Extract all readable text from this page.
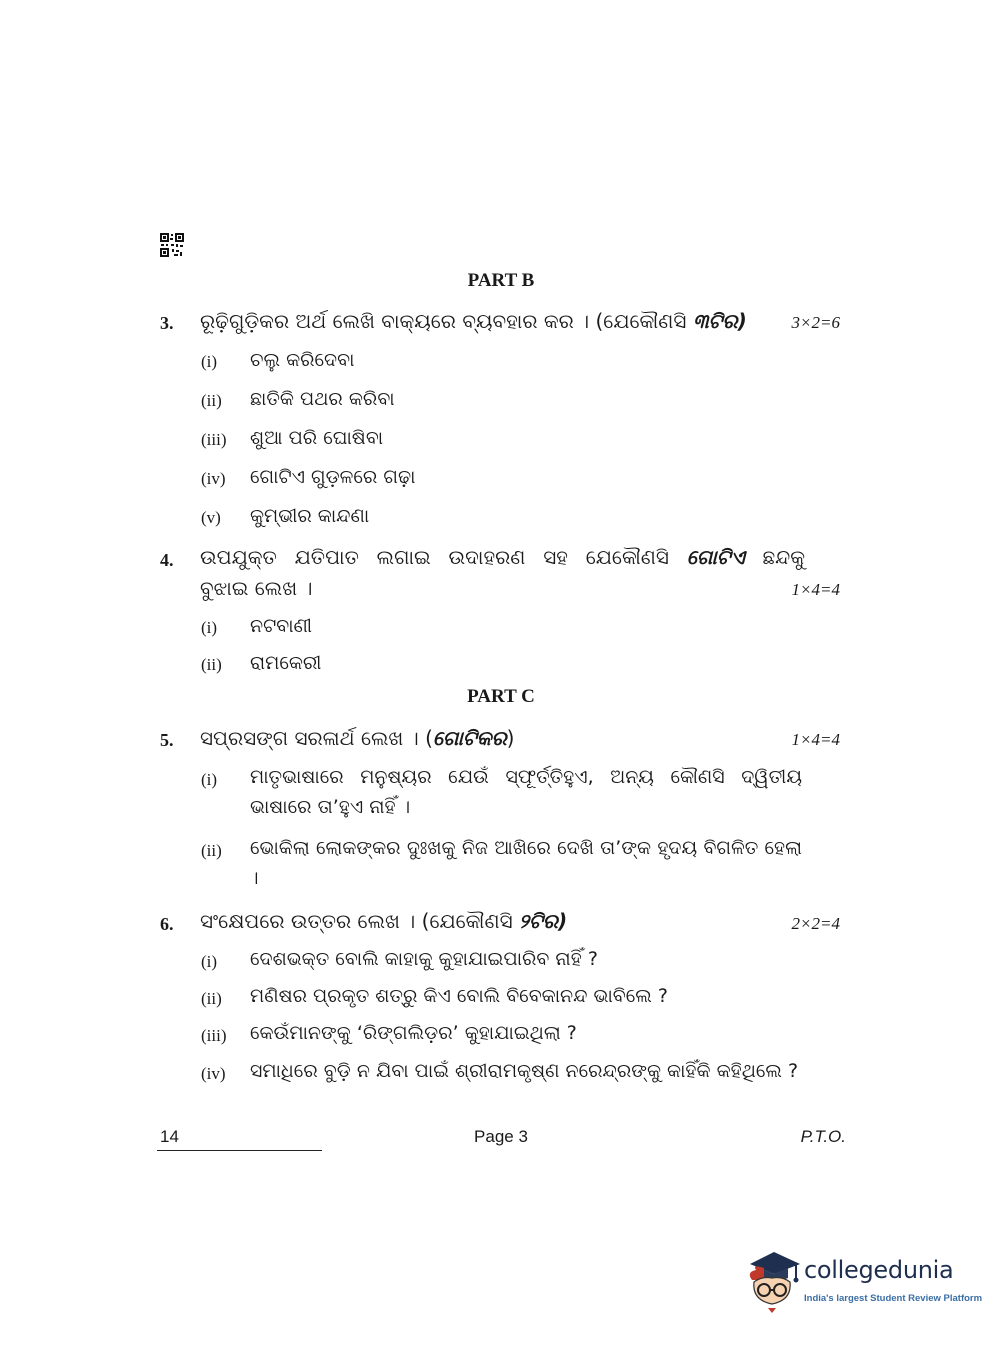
PART B
3. ରୂଢ଼ିଗୁଡ଼ିକର ଅର୍ଥ ଲେଖି ବାକ୍ୟରେ ବ୍ୟବହାର କର । (ଯେକୌଣସି ୩ଟିର)	3×2=6
(i) ଚଲୁ କରିଦେବା
(ii) ଛାତିକି ପଥର କରିବା
(iii) ଶୁଆ ପରି ଘୋଷିବା
(iv) ଗୋଟିଏ ଗୁଡ଼ଳରେ ଗଢ଼ା
(v) କୁମ୍ଭୀର କାନ୍ଦଣା
4. ଉପଯୁକ୍ତ ଯତିପାତ ଲଗାଇ ଉଦାହରଣ ସହ ଯେକୌଣସି ଗୋଟିଏ ଛନ୍ଦକୁ
ବୁଝାଇ ଲେଖ ।	1×4=4
(i) ନଟବାଣୀ
(ii) ରାମକେରୀ
PART C
5. ସପ୍ରସଙ୍ଗ ସରଳାର୍ଥ ଲେଖ । (ଗୋଟିକର)	1×4=4
(i) ମାତୃଭାଷାରେ ମନୁଷ୍ୟର ଯେଉଁ ସ୍ଫୂର୍ତ୍ତିହୁଏ, ଅନ୍ୟ କୌଣସି ଦ୍ୱିତୀୟ ଭାଷାରେ ତା’ହୁଏ ନାହିଁ ।
(ii) ଭୋକିଲା ଲୋକଙ୍କର ଦୁଃଖକୁ ନିଜ ଆଖିରେ ଦେଖି ତା’ଙ୍କ ହୃଦୟ ବିଗଳିତ ହେଲା ।
6. ସଂକ୍ଷେପରେ ଉତ୍ତର ଲେଖ । (ଯେକୌଣସି ୨ଟିର)	2×2=4
(i) ଦେଶଭକ୍ତ ବୋଲି କାହାକୁ କୁହାଯାଇପାରିବ ନାହିଁ ?
(ii) ମଣିଷର ପ୍ରକୃତ ଶତ୍ରୁ କିଏ ବୋଲି ବିବେକାନନ୍ଦ ଭାବିଲେ ?
(iii) କେଉଁମାନଙ୍କୁ ‘ରିଙ୍ଗଲିଡ଼ର’ କୁହାଯାଇଥିଲା ?
(iv) ସମାଧିରେ ବୁଡ଼ି ନ ଯିବା ପାଇଁ ଶ୍ରୀରାମକୃଷ୍ଣ ନରେନ୍ଦ୍ରଙ୍କୁ କାହିଁକି କହିଥିଲେ ?
14	Page 3	P.T.O.
collegedunia
India's largest Student Review Platform
